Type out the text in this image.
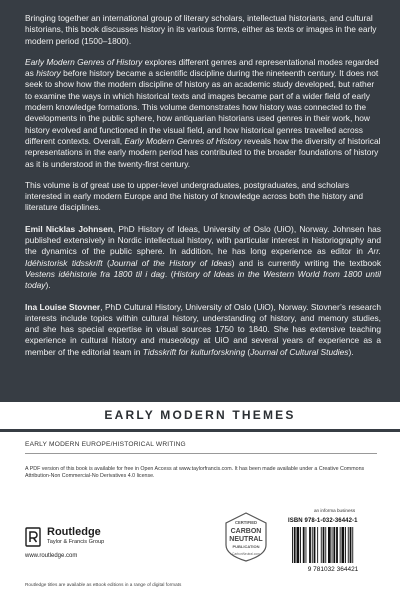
Bringing together an international group of literary scholars, intellectual historians, and cultural historians, this book discusses history in its various forms, either as texts or images in the early modern period (1500–1800).

Early Modern Genres of History explores different genres and representational modes regarded as history before history became a scientific discipline during the nineteenth century. It does not seek to show how the modern discipline of history as an academic study developed, but rather to examine the ways in which historical texts and images became part of a wider field of early modern knowledge formations. This volume demonstrates how history was connected to the developments in the public sphere, how antiquarian historians used genres in their work, how history evolved and functioned in the visual field, and how historical genres travelled across different contexts. Overall, Early Modern Genres of History reveals how the diversity of historical representations in the early modern period has contributed to the broader foundations of history as it is understood in the twenty-first century.

This volume is of great use to upper-level undergraduates, postgraduates, and scholars interested in early modern Europe and the history of knowledge across both the history and literature disciplines.

Emil Nicklas Johnsen, PhD History of Ideas, University of Oslo (UiO), Norway. Johnsen has published extensively in Nordic intellectual history, with particular interest in historiography and the dynamics of the public sphere. In addition, he has long experience as editor in Arr. Idéhistorisk tidsskrift (Journal of the History of Ideas) and is currently writing the textbook Vestens idéhistorie fra 1800 til i dag. (History of Ideas in the Western World from 1800 until today).

Ina Louise Stovner, PhD Cultural History, University of Oslo (UiO), Norway. Stovner’s research interests include topics within cultural history, understanding of history, and memory studies, and she has special expertise in visual sources 1750 to 1840. She has extensive teaching experience in cultural history and museology at UiO and several years of experience as a member of the editorial team in Tidsskrift for kulturforskning (Journal of Cultural Studies).

EARLY MODERN THEMES
EARLY MODERN EUROPE/HISTORICAL WRITING
A PDF version of this book is available for free in Open Access at www.taylorfrancis.com. It has been made available under a Creative Commons Attribution-Non Commercial-No Derivatives 4.0 license.
Routledge
Taylor & Francis Group
www.routledge.com
CERTIFIED
CARBON
NEUTRAL
PUBLICATION
CarbonNeutral.com
an informa business
ISBN 978-1-032-36442-1
9 781032 364421
Routledge titles are available as eBook editions in a range of digital formats
